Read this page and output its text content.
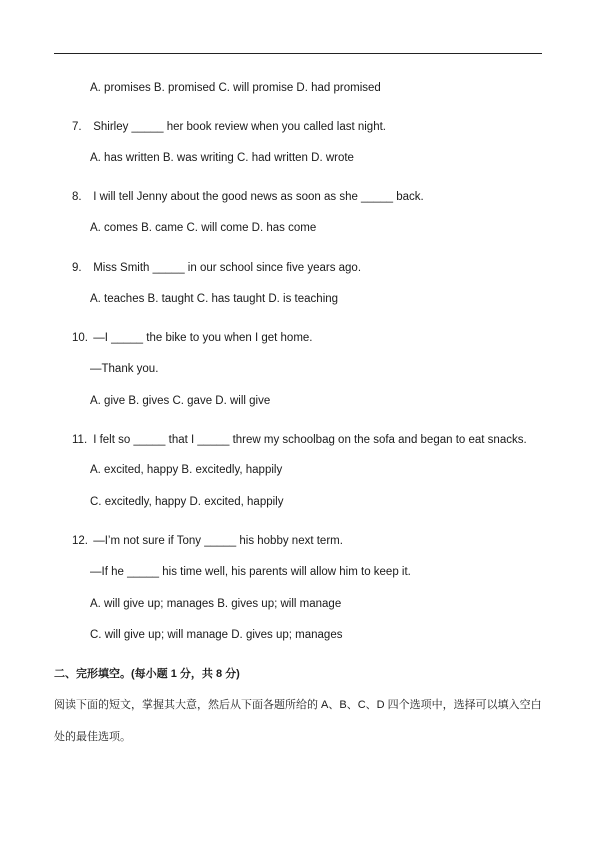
A. promises B. promised C. will promise D. had promised
7. Shirley _____ her book review when you called last night.
A. has written B. was writing C. had written D. wrote
8. I will tell Jenny about the good news as soon as she _____ back.
A. comes B. came C. will come D. has come
9. Miss Smith _____ in our school since five years ago.
A. teaches B. taught C. has taught D. is teaching
10. —I _____ the bike to you when I get home.
—Thank you.
A. give B. gives C. gave D. will give
11. I felt so _____ that I _____ threw my schoolbag on the sofa and began to eat snacks.
A. excited, happy B. excitedly, happily
C. excitedly, happy D. excited, happily
12. —I’m not sure if Tony _____ his hobby next term.
—If he _____ his time well, his parents will allow him to keep it.
A. will give up; manages B. gives up; will manage
C. will give up; will manage D. gives up; manages
二、完形填空。(每小题 1 分，共 8 分)
阅读下面的短文，掌握其大意，然后从下面各题所给的 A、B、C、D 四个选项中，选择可以填入空白
处的最佳选项。
